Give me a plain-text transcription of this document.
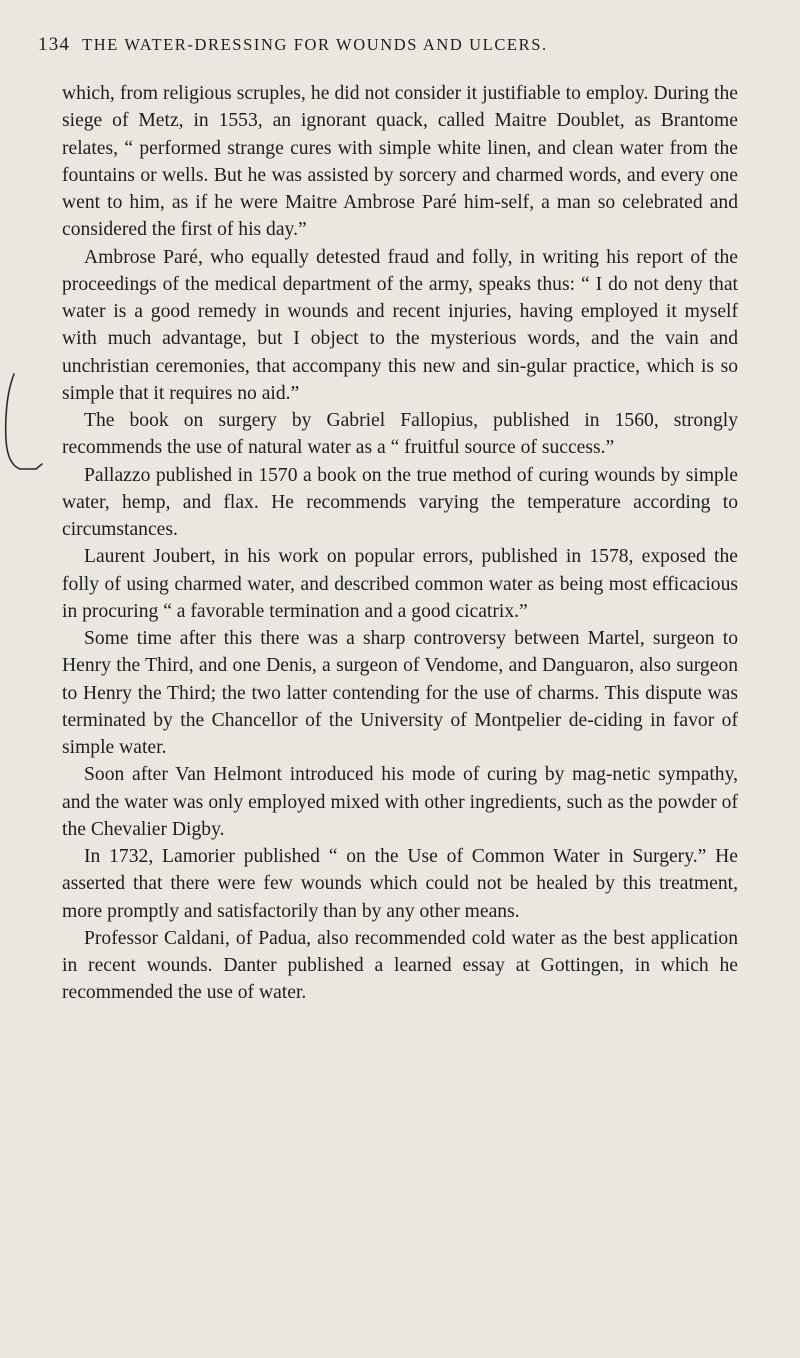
134 THE WATER-DRESSING FOR WOUNDS AND ULCERS.

which, from religious scruples, he did not consider it justifiable to employ. During the siege of Metz, in 1553, an ignorant quack, called Maitre Doublet, as Brantome relates, “ performed strange cures with simple white linen, and clean water from the fountains or wells. But he was assisted by sorcery and charmed words, and every one went to him, as if he were Maitre Ambrose Paré him-self, a man so celebrated and considered the first of his day.”

Ambrose Paré, who equally detested fraud and folly, in writing his report of the proceedings of the medical department of the army, speaks thus: “ I do not deny that water is a good remedy in wounds and recent injuries, having employed it myself with much advantage, but I object to the mysterious words, and the vain and unchristian ceremonies, that accompany this new and sin-gular practice, which is so simple that it requires no aid.”

The book on surgery by Gabriel Fallopius, published in 1560, strongly recommends the use of natural water as a “ fruitful source of success.”

Pallazzo published in 1570 a book on the true method of curing wounds by simple water, hemp, and flax. He recommends varying the temperature according to circumstances.

Laurent Joubert, in his work on popular errors, published in 1578, exposed the folly of using charmed water, and described common water as being most efficacious in procuring “ a favorable termination and a good cicatrix.”

Some time after this there was a sharp controversy between Martel, surgeon to Henry the Third, and one Denis, a surgeon of Vendome, and Danguaron, also surgeon to Henry the Third; the two latter contending for the use of charms. This dispute was terminated by the Chancellor of the University of Montpelier de-ciding in favor of simple water.

Soon after Van Helmont introduced his mode of curing by mag-netic sympathy, and the water was only employed mixed with other ingredients, such as the powder of the Chevalier Digby.

In 1732, Lamorier published “ on the Use of Common Water in Surgery.” He asserted that there were few wounds which could not be healed by this treatment, more promptly and satisfactorily than by any other means.

Professor Caldani, of Padua, also recommended cold water as the best application in recent wounds. Danter published a learned essay at Gottingen, in which he recommended the use of water.
